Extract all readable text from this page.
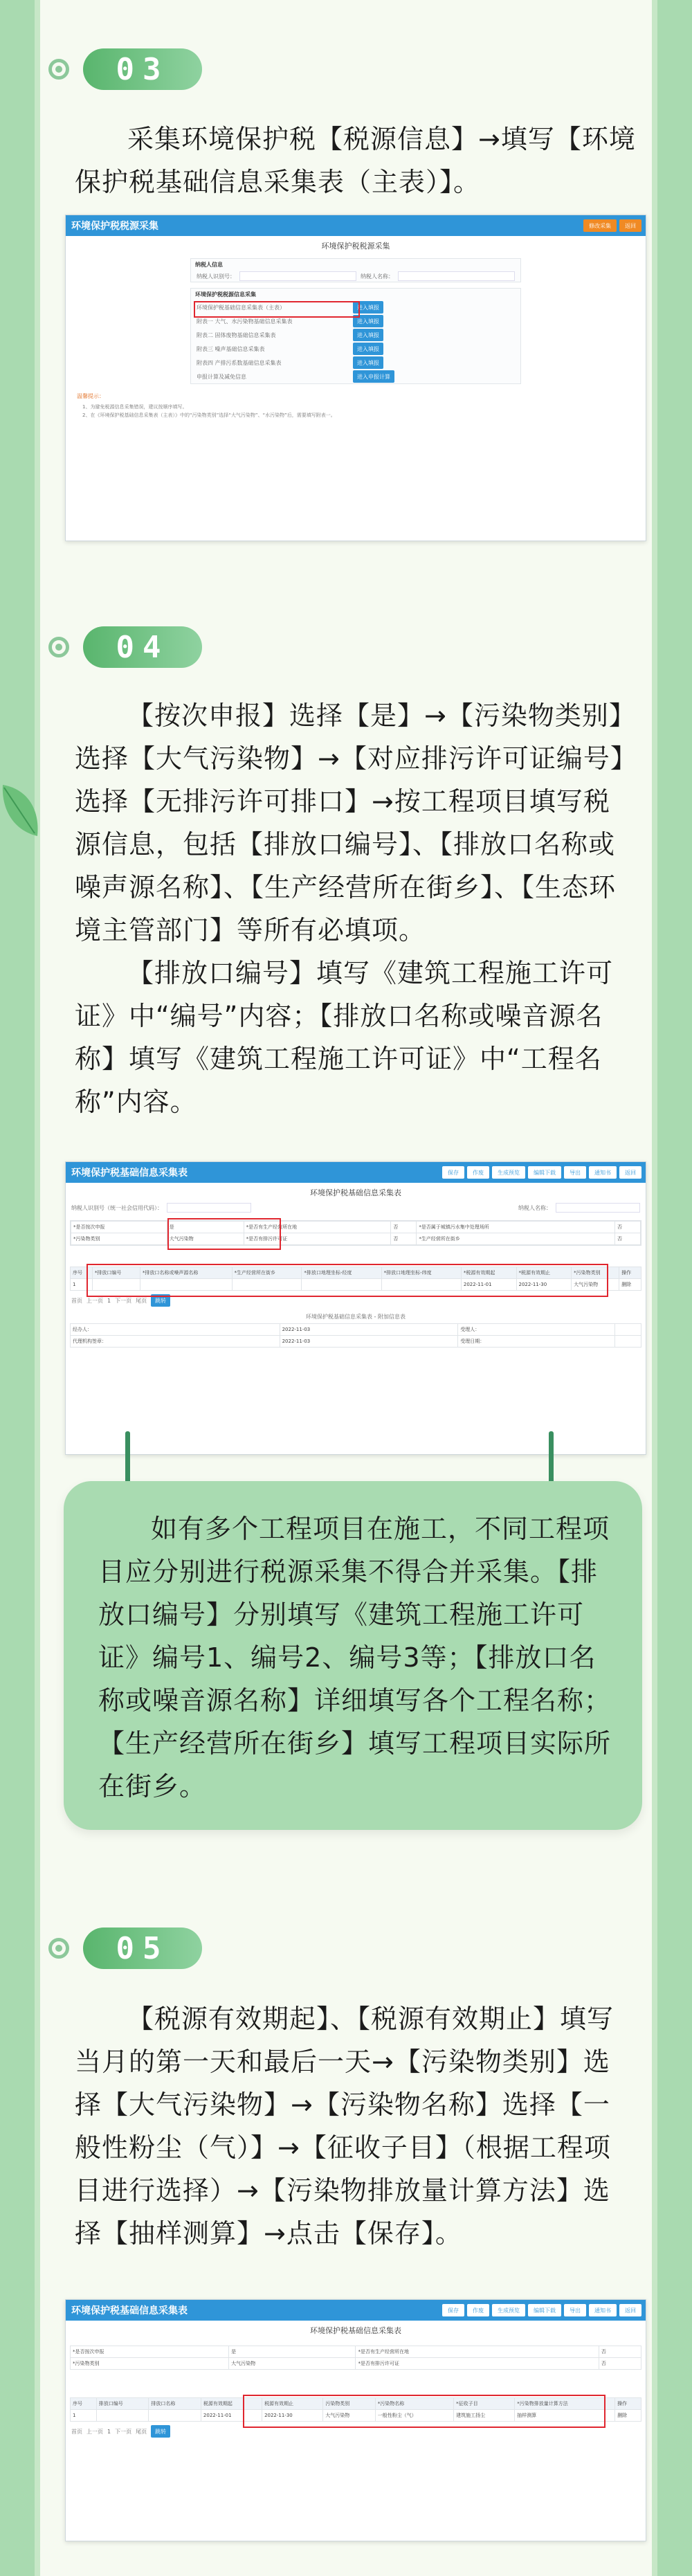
03

采集环境保护税【税源信息】→填写【环境保护税基础信息采集表（主表）】。

环境保护税税源采集	修改采集	返回
环境保护税税源采集
纳税人信息
纳税人识别号：	纳税人名称：
环境保护税税源信息采集
环境保护税基础信息采集表（主表）	进入填报
附表一 大气、水污染物基础信息采集表	进入填报
附表二 固体废物基础信息采集表	进入填报
附表三 噪声基础信息采集表	进入填报
附表四 产排污系数基础信息采集表	进入填报
申报计算及减免信息	进入申报计算
温馨提示：
1、为避免税源信息采集错误，建议按顺序填写。
2、在《环境保护税基础信息采集表（主表）》中的“污染物类别”选择“大气污染物”、“水污染物”后，需要填写附表一。
04

【按次申报】选择【是】→【污染物类别】选择【大气污染物】→【对应排污许可证编号】选择【无排污许可排口】→按工程项目填写税源信息，包括【排放口编号】、【排放口名称或噪声源名称】、【生产经营所在街乡】、【生态环境主管部门】等所有必填项。

【排放口编号】填写《建筑工程施工许可证》中“编号”内容；【排放口名称或噪音源名称】填写《建筑工程施工许可证》中“工程名称”内容。

环境保护税基础信息采集表	保存	作废	生成预览	编辑下载	导出	通知书	返回
环境保护税基础信息采集表
纳税人识别号（统一社会信用代码）：	纳税人名称：
*是否按次申报	是	*是否有生产经营所在地	否	*是否属于城镇污水集中处理场所	否
*污染物类别	大气污染物	*是否有排污许可证	否	*生产经营所在街乡	否
序号	*排放口编号	*排放口名称或噪声源名称	*生产经营所在街乡	*排放口地理坐标-经度	*排放口地理坐标-纬度	*税源有效期起	*税源有效期止	*污染物类别	操作
1						2022-11-01	2022-11-30	大气污染物	删除
首页 上一页 1 下一页 尾页	跳转
环境保护税基础信息采集表 - 附加信息表
经办人：	2022-11-03	受理人：	
代理机构签章：	2022-11-03	受理日期：	

如有多个工程项目在施工，不同工程项目应分别进行税源采集不得合并采集。【排放口编号】分别填写《建筑工程施工许可证》编号1、编号2、编号3等；【排放口名称或噪音源名称】详细填写各个工程名称；【生产经营所在街乡】填写工程项目实际所在街乡。

05

【税源有效期起】、【税源有效期止】填写当月的第一天和最后一天→【污染物类别】选择【大气污染物】→【污染物名称】选择【一般性粉尘（气）】→【征收子目】（根据工程项目进行选择）→【污染物排放量计算方法】选择【抽样测算】→点击【保存】。

环境保护税基础信息采集表	保存	作废	生成预览	编辑下载	导出	通知书	返回
环境保护税基础信息采集表
*是否按次申报	是	*是否有生产经营所在地	否
*污染物类别	大气污染物	*是否有排污许可证	否
序号	排放口编号	排放口名称	税源有效期起	税源有效期止	污染物类别	*污染物名称	*征收子目	*污染物排放量计算方法	操作
1			2022-11-01	2022-11-30	大气污染物	一般性粉尘（气）	建筑施工扬尘	抽样测算	删除
首页 上一页 1 下一页 尾页	跳转
